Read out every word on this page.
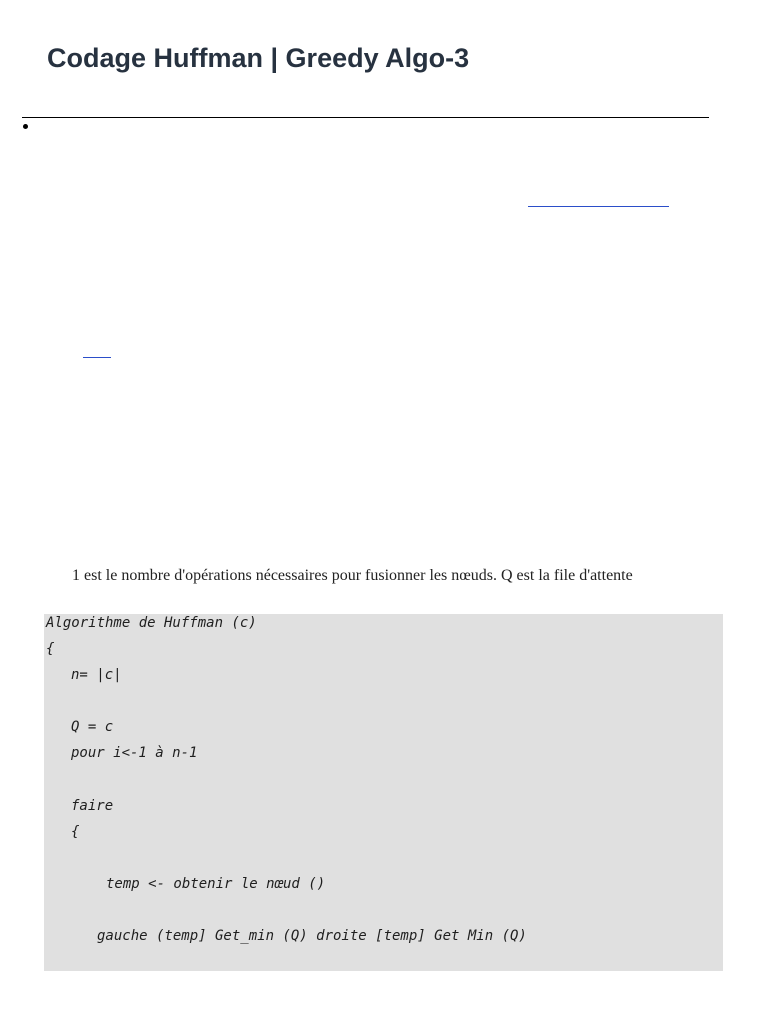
Codage Huffman | Greedy Algo-3

1 est le nombre d'opérations nécessaires pour fusionner les nœuds. Q est la file d'attente

Algorithme de Huffman (c)
{
n= |c|
Q = c
pour i<-1 à n-1
faire
{
temp <- obtenir le nœud ()
gauche (temp] Get_min (Q) droite [temp] Get Min (Q)
